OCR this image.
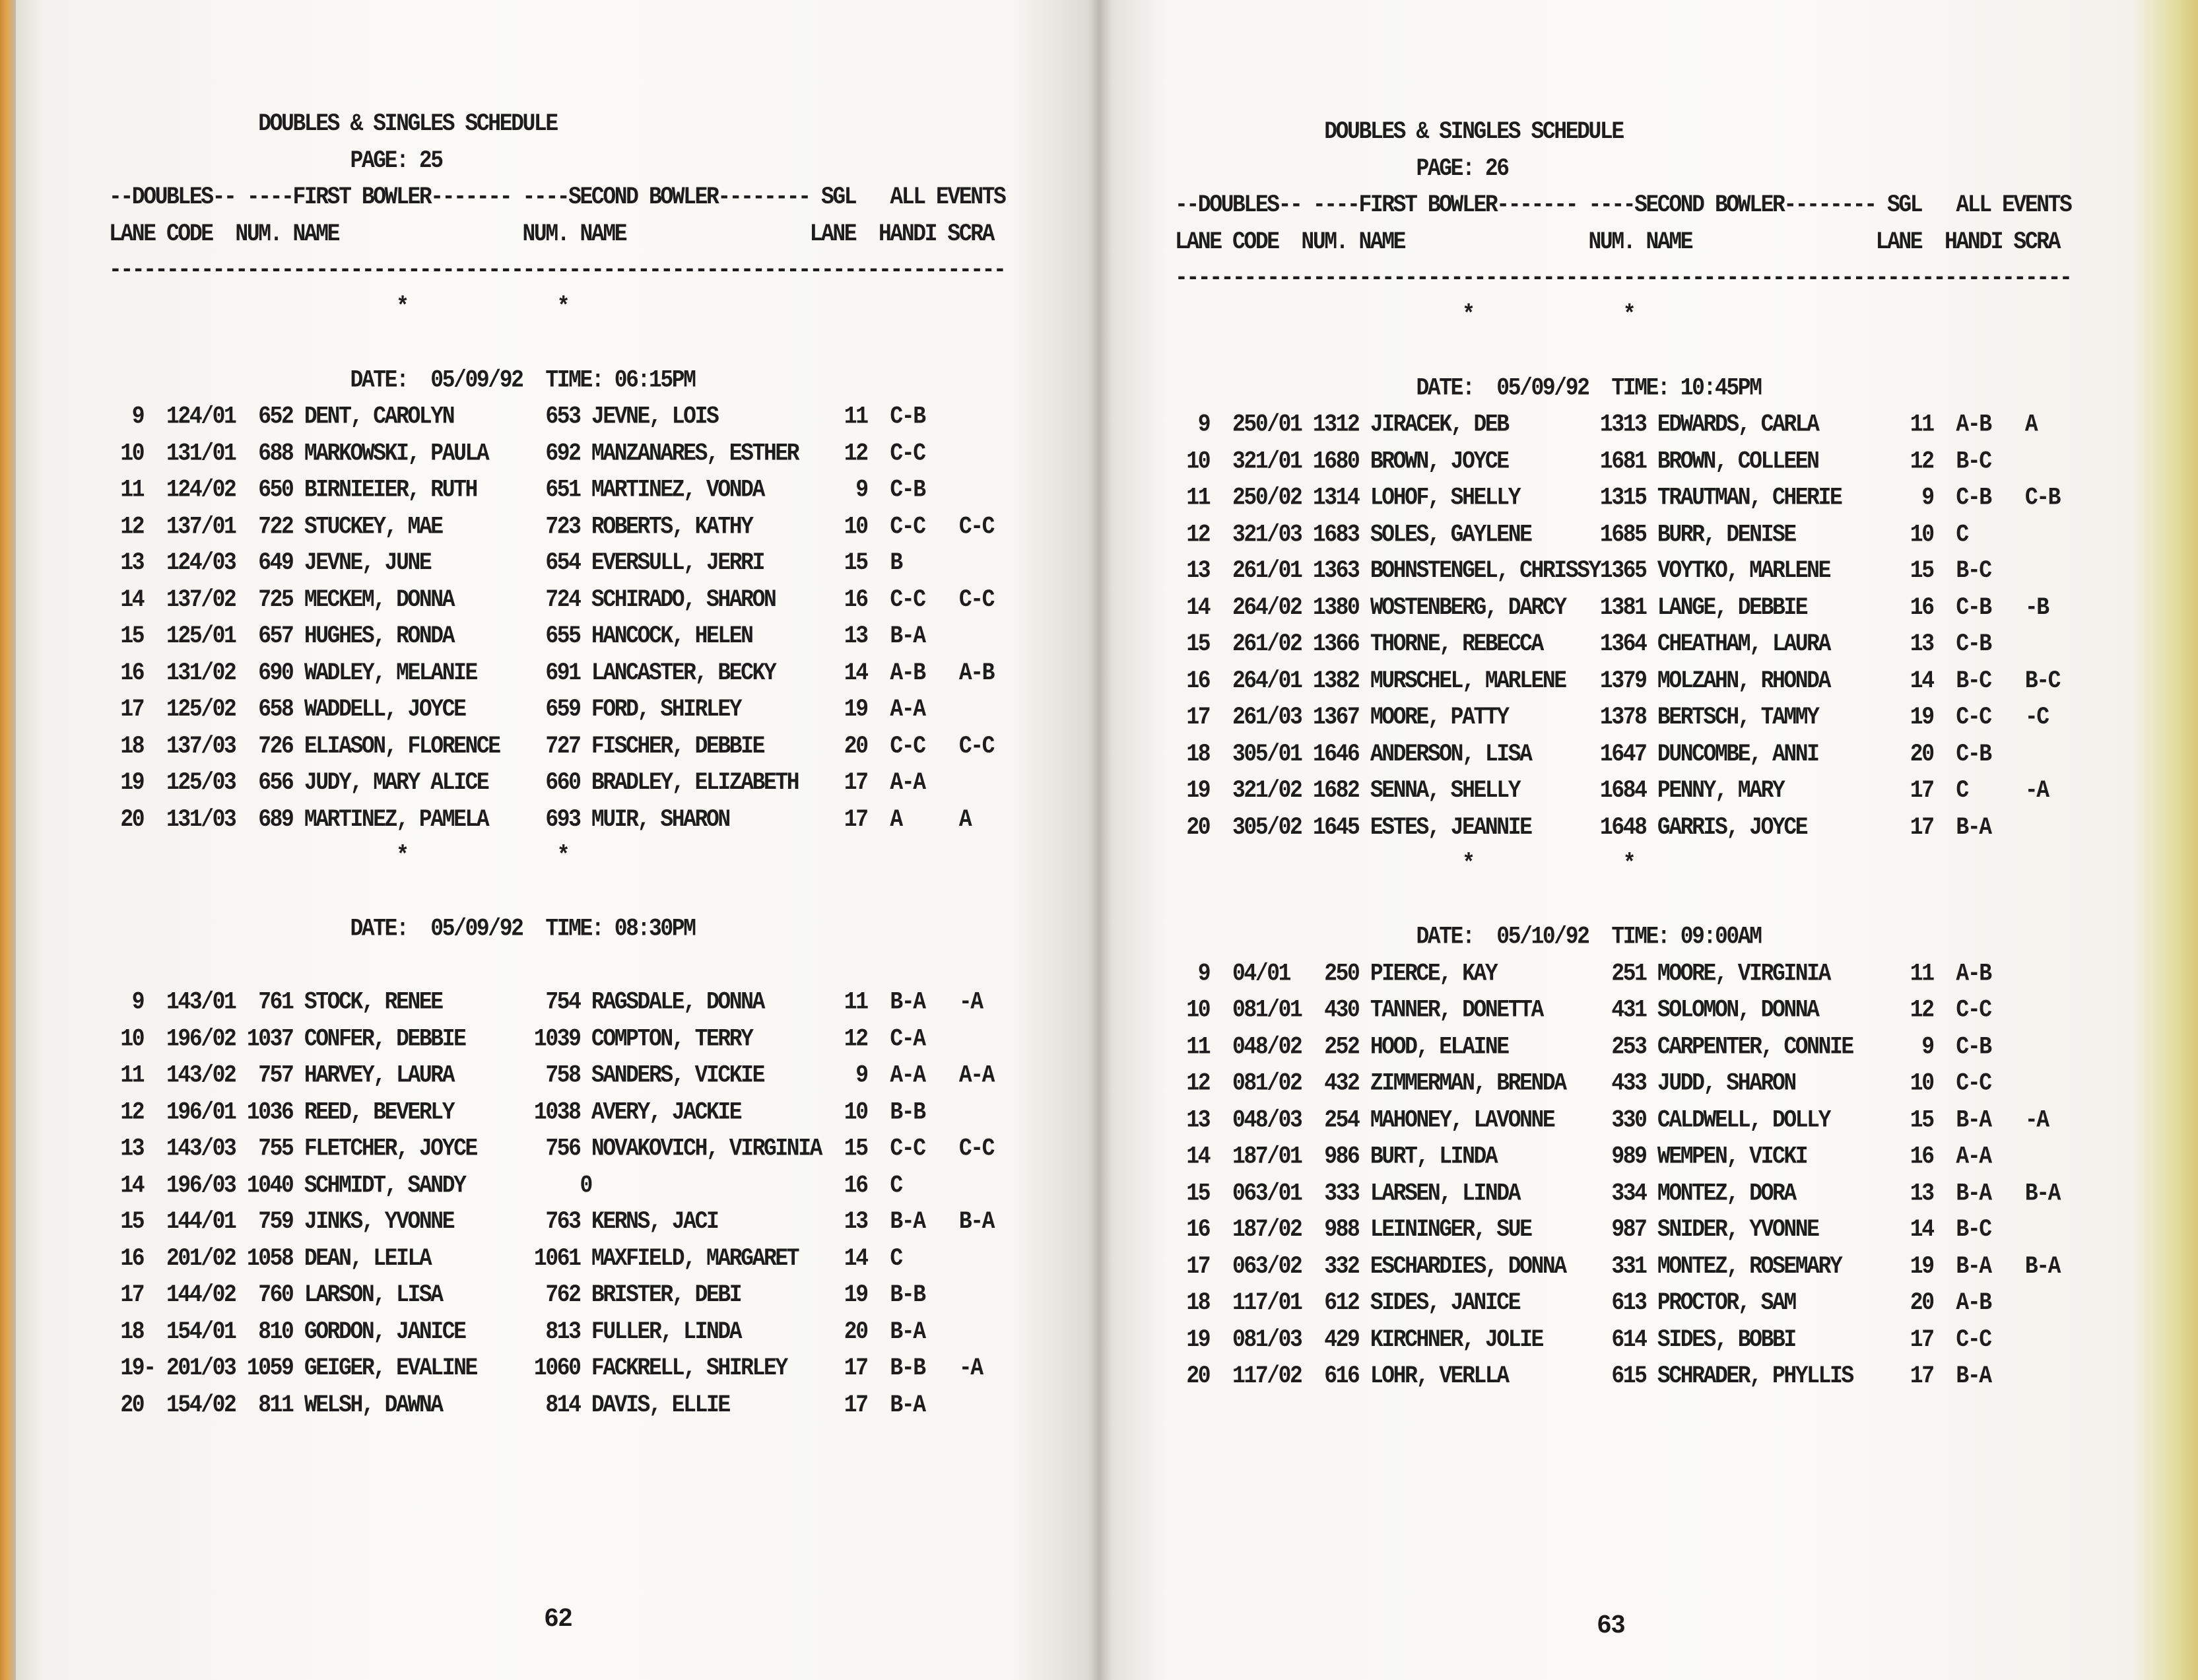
DOUBLES & SINGLES SCHEDULE
PAGE: 25
--DOUBLES-- ----FIRST BOWLER------- ----SECOND BOWLER-------- SGL   ALL EVENTS
LANE CODE  NUM. NAME                NUM. NAME                LANE  HANDI SCRA
------------------------------------------------------------------------------
*             *

DATE:  05/09/92  TIME: 06:15PM
9  124/01  652 DENT, CAROLYN        653 JEVNE, LOIS           11  C-B
10  131/01  688 MARKOWSKI, PAULA     692 MANZANARES, ESTHER    12  C-C
11  124/02  650 BIRNIEIER, RUTH      651 MARTINEZ, VONDA        9  C-B
12  137/01  722 STUCKEY, MAE         723 ROBERTS, KATHY        10  C-C   C-C
13  124/03  649 JEVNE, JUNE          654 EVERSULL, JERRI       15  B
14  137/02  725 MECKEM, DONNA        724 SCHIRADO, SHARON      16  C-C   C-C
15  125/01  657 HUGHES, RONDA        655 HANCOCK, HELEN        13  B-A
16  131/02  690 WADLEY, MELANIE      691 LANCASTER, BECKY      14  A-B   A-B
17  125/02  658 WADDELL, JOYCE       659 FORD, SHIRLEY         19  A-A
18  137/03  726 ELIASON, FLORENCE    727 FISCHER, DEBBIE       20  C-C   C-C
19  125/03  656 JUDY, MARY ALICE     660 BRADLEY, ELIZABETH    17  A-A
20  131/03  689 MARTINEZ, PAMELA     693 MUIR, SHARON          17  A     A
*             *

DATE:  05/09/92  TIME: 08:30PM

9  143/01  761 STOCK, RENEE         754 RAGSDALE, DONNA       11  B-A   -A
10  196/02 1037 CONFER, DEBBIE      1039 COMPTON, TERRY        12  C-A
11  143/02  757 HARVEY, LAURA        758 SANDERS, VICKIE        9  A-A   A-A
12  196/01 1036 REED, BEVERLY       1038 AVERY, JACKIE         10  B-B
13  143/03  755 FLETCHER, JOYCE      756 NOVAKOVICH, VIRGINIA  15  C-C   C-C
14  196/03 1040 SCHMIDT, SANDY          0                      16  C
15  144/01  759 JINKS, YVONNE        763 KERNS, JACI           13  B-A   B-A
16  201/02 1058 DEAN, LEILA         1061 MAXFIELD, MARGARET    14  C
17  144/02  760 LARSON, LISA         762 BRISTER, DEBI         19  B-B
18  154/01  810 GORDON, JANICE       813 FULLER, LINDA         20  B-A
19- 201/03 1059 GEIGER, EVALINE     1060 FACKRELL, SHIRLEY     17  B-B   -A
20  154/02  811 WELSH, DAWNA         814 DAVIS, ELLIE          17  B-A
62
DOUBLES & SINGLES SCHEDULE
PAGE: 26
--DOUBLES-- ----FIRST BOWLER------- ----SECOND BOWLER-------- SGL   ALL EVENTS
LANE CODE  NUM. NAME                NUM. NAME                LANE  HANDI SCRA
------------------------------------------------------------------------------
*             *

DATE:  05/09/92  TIME: 10:45PM
9  250/01 1312 JIRACEK, DEB        1313 EDWARDS, CARLA        11  A-B   A
10  321/01 1680 BROWN, JOYCE        1681 BROWN, COLLEEN        12  B-C
11  250/02 1314 LOHOF, SHELLY       1315 TRAUTMAN, CHERIE       9  C-B   C-B
12  321/03 1683 SOLES, GAYLENE      1685 BURR, DENISE          10  C
13  261/01 1363 BOHNSTENGEL, CHRISSY1365 VOYTKO, MARLENE       15  B-C
14  264/02 1380 WOSTENBERG, DARCY   1381 LANGE, DEBBIE         16  C-B   -B
15  261/02 1366 THORNE, REBECCA     1364 CHEATHAM, LAURA       13  C-B
16  264/01 1382 MURSCHEL, MARLENE   1379 MOLZAHN, RHONDA       14  B-C   B-C
17  261/03 1367 MOORE, PATTY        1378 BERTSCH, TAMMY        19  C-C   -C
18  305/01 1646 ANDERSON, LISA      1647 DUNCOMBE, ANNI        20  C-B
19  321/02 1682 SENNA, SHELLY       1684 PENNY, MARY           17  C     -A
20  305/02 1645 ESTES, JEANNIE      1648 GARRIS, JOYCE         17  B-A
*             *

DATE:  05/10/92  TIME: 09:00AM
9  04/01   250 PIERCE, KAY          251 MOORE, VIRGINIA       11  A-B
10  081/01  430 TANNER, DONETTA      431 SOLOMON, DONNA        12  C-C
11  048/02  252 HOOD, ELAINE         253 CARPENTER, CONNIE      9  C-B
12  081/02  432 ZIMMERMAN, BRENDA    433 JUDD, SHARON          10  C-C
13  048/03  254 MAHONEY, LAVONNE     330 CALDWELL, DOLLY       15  B-A   -A
14  187/01  986 BURT, LINDA          989 WEMPEN, VICKI         16  A-A
15  063/01  333 LARSEN, LINDA        334 MONTEZ, DORA          13  B-A   B-A
16  187/02  988 LEININGER, SUE       987 SNIDER, YVONNE        14  B-C
17  063/02  332 ESCHARDIES, DONNA    331 MONTEZ, ROSEMARY      19  B-A   B-A
18  117/01  612 SIDES, JANICE        613 PROCTOR, SAM          20  A-B
19  081/03  429 KIRCHNER, JOLIE      614 SIDES, BOBBI          17  C-C
20  117/02  616 LOHR, VERLLA         615 SCHRADER, PHYLLIS     17  B-A
63
